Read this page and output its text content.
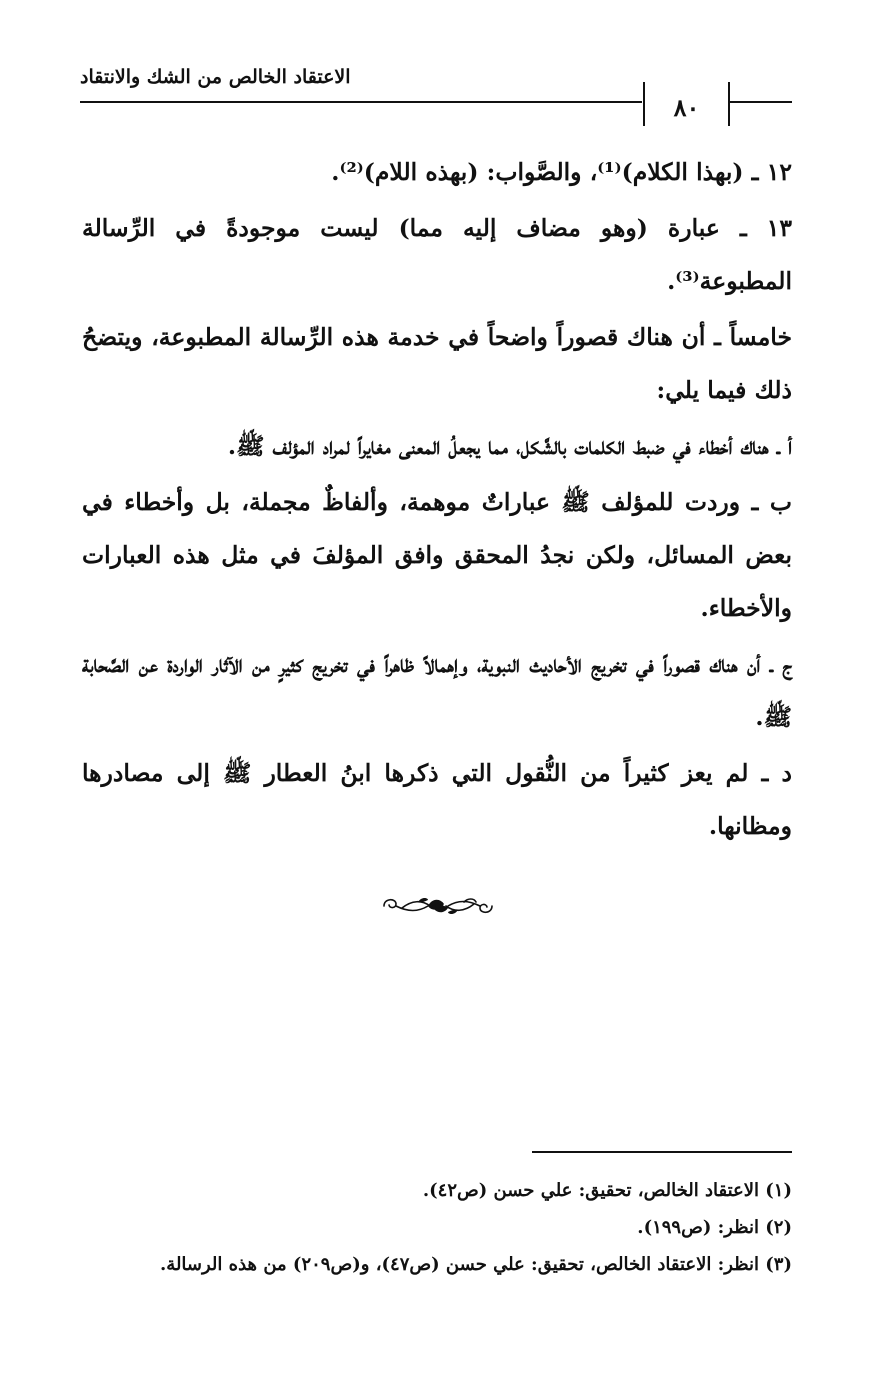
الاعتقاد الخالص من الشك والانتقاد
٨٠

١٢ ـ (بهذا الكلام)⁽¹⁾، والصَّواب: (بهذه اللام)⁽²⁾.

١٣ ـ عبارة (وهو مضاف إليه مما) ليست موجودةً في الرِّسالة المطبوعة⁽³⁾.

خامساً ـ أن هناك قصوراً واضحاً في خدمة هذه الرِّسالة المطبوعة، ويتضحُ ذلك فيما يلي:

أ ـ هناك أخطاء في ضبط الكلمات بالشَّكل، مما يجعلُ المعنى مغايراً لمراد المؤلف ﷺ.

ب ـ وردت للمؤلف ﷺ عباراتٌ موهمة، وألفاظٌ مجملة، بل وأخطاء في بعض المسائل، ولكن نجدُ المحقق وافق المؤلفَ في مثل هذه العبارات والأخطاء.

ج ـ أن هناك قصوراً في تخريج الأحاديث النبوية، وإهمالاً ظاهراً في تخريج كثيرٍ من الآثار الواردة عن الصَّحابة ﷺ.

د ـ لم يعز كثيراً من النُّقول التي ذكرها ابنُ العطار ﷺ إلى مصادرها ومظانها.

(١) الاعتقاد الخالص، تحقيق: علي حسن (ص٤٢).

(٢) انظر: (ص١٩٩).

(٣) انظر: الاعتقاد الخالص، تحقيق: علي حسن (ص٤٧)، و(ص٢٠٩) من هذه الرسالة.
